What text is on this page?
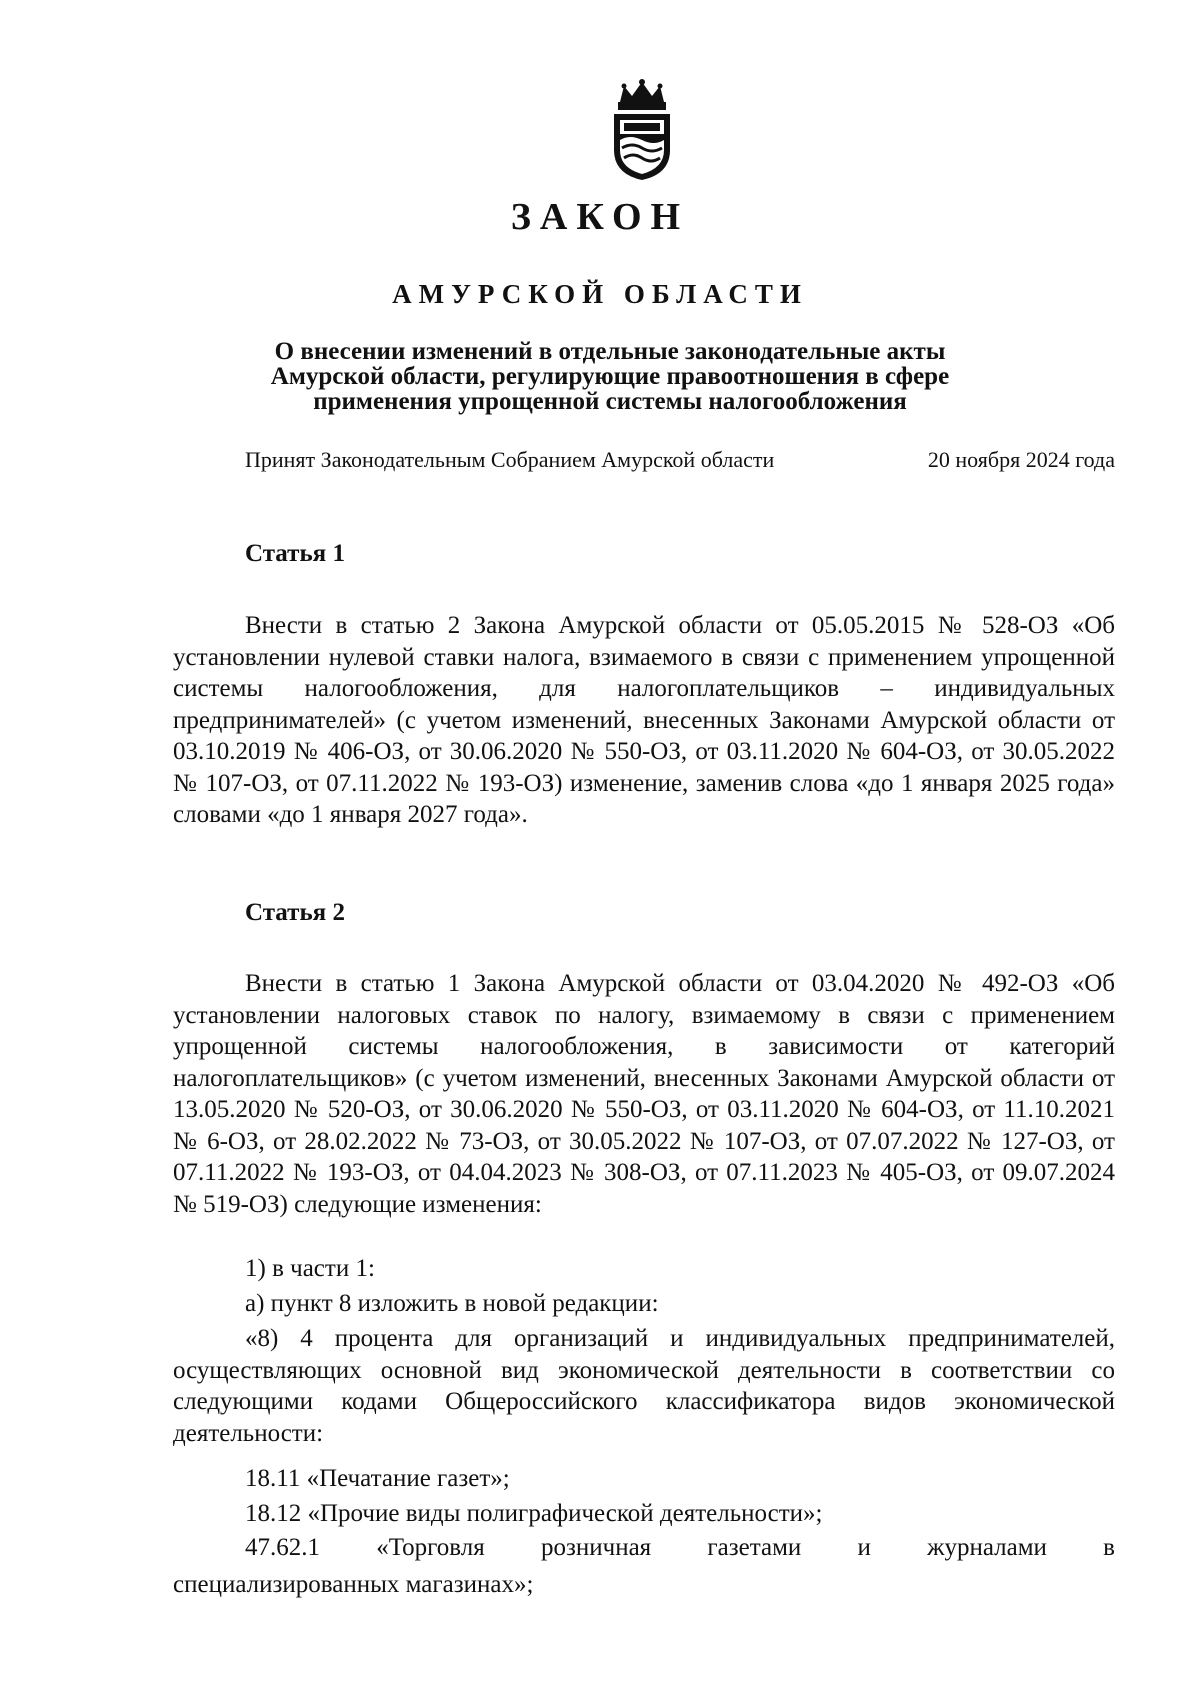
ЗАКОН
АМУРСКОЙ ОБЛАСТИ
О внесении изменений в отдельные законодательные акты
Амурской области, регулирующие правоотношения в сфере
применения упрощенной системы налогообложения
Принят Законодательным Собранием Амурской области	20 ноября 2024 года
Статья 1
Внести в статью 2 Закона Амурской области от 05.05.2015 № 528-ОЗ «Об установлении нулевой ставки налога, взимаемого в связи с применением упрощенной системы налогообложения, для налогоплательщиков – индивидуальных предпринимателей» (с учетом изменений, внесенных Законами Амурской области от 03.10.2019 № 406-ОЗ, от 30.06.2020 № 550-ОЗ, от 03.11.2020 № 604-ОЗ, от 30.05.2022 № 107-ОЗ, от 07.11.2022 № 193-ОЗ) изменение, заменив слова «до 1 января 2025 года» словами «до 1 января 2027 года».
Статья 2
Внести в статью 1 Закона Амурской области от 03.04.2020 № 492-ОЗ «Об установлении налоговых ставок по налогу, взимаемому в связи с применением упрощенной системы налогообложения, в зависимости от категорий налогоплательщиков» (с учетом изменений, внесенных Законами Амурской области от 13.05.2020 № 520-ОЗ, от 30.06.2020 № 550-ОЗ, от 03.11.2020 № 604-ОЗ, от 11.10.2021 № 6-ОЗ, от 28.02.2022 № 73-ОЗ, от 30.05.2022 № 107-ОЗ, от 07.07.2022 № 127-ОЗ, от 07.11.2022 № 193-ОЗ, от 04.04.2023 № 308-ОЗ, от 07.11.2023 № 405-ОЗ, от 09.07.2024 № 519-ОЗ) следующие изменения:
1) в части 1:
а) пункт 8 изложить в новой редакции:
«8) 4 процента для организаций и индивидуальных предпринимателей, осуществляющих основной вид экономической деятельности в соответствии со следующими кодами Общероссийского классификатора видов экономической деятельности:
18.11 «Печатание газет»;
18.12 «Прочие виды полиграфической деятельности»;
47.62.1 «Торговля розничная газетами и журналами в
специализированных магазинах»;
